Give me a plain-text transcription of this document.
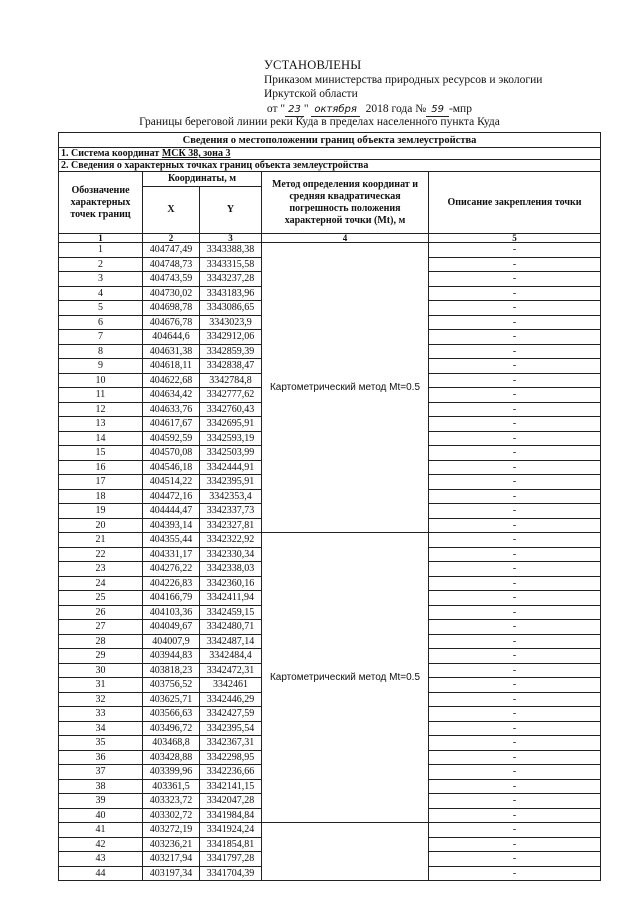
УСТАНОВЛЕНЫ
Приказом министерства природных ресурсов и экологии
Иркутской области
от " 23 " октября 2018 года № 59 -мпр
Границы береговой линии реки Куда в пределах населенного пункта Куда
Сведения о местоположении границ объекта землеустройства				
1. Система координат МСК 38, зона 3				
2. Сведения о характерных точках границ объекта землеустройства				
Обозначение характерных точек границ	Координаты, м		Метод определения координат и средняя квадратическая погрешность положения характерной точки (Mt), м	Описание закрепления точки
	X	Y		
1	2	3	4	5
1	404747,49	3343388,38	Картометрический метод Mt=0.5	-
2	404748,73	3343315,58		-
3	404743,59	3343237,28		-
4	404730,02	3343183,96		-
5	404698,78	3343086,65		-
6	404676,78	3343023,9		-
7	404644,6	3342912,06		-
8	404631,38	3342859,39		-
9	404618,11	3342838,47		-
10	404622,68	3342784,8		-
11	404634,42	3342777,62		-
12	404633,76	3342760,43		-
13	404617,67	3342695,91		-
14	404592,59	3342593,19		-
15	404570,08	3342503,99		-
16	404546,18	3342444,91		-
17	404514,22	3342395,91		-
18	404472,16	3342353,4		-
19	404444,47	3342337,73		-
20	404393,14	3342327,81		-
21	404355,44	3342322,92	Картометрический метод Mt=0.5	-
22	404331,17	3342330,34		-
23	404276,22	3342338,03		-
24	404226,83	3342360,16		-
25	404166,79	3342411,94		-
26	404103,36	3342459,15		-
27	404049,67	3342480,71		-
28	404007,9	3342487,14		-
29	403944,83	3342484,4		-
30	403818,23	3342472,31		-
31	403756,52	3342461		-
32	403625,71	3342446,29		-
33	403566,63	3342427,59		-
34	403496,72	3342395,54		-
35	403468,8	3342367,31		-
36	403428,88	3342298,95		-
37	403399,96	3342236,66		-
38	403361,5	3342141,15		-
39	403323,72	3342047,28		-
40	403302,72	3341984,84		-
41	403272,19	3341924,24		-
42	403236,21	3341854,81		-
43	403217,94	3341797,28		-
44	403197,34	3341704,39		-
